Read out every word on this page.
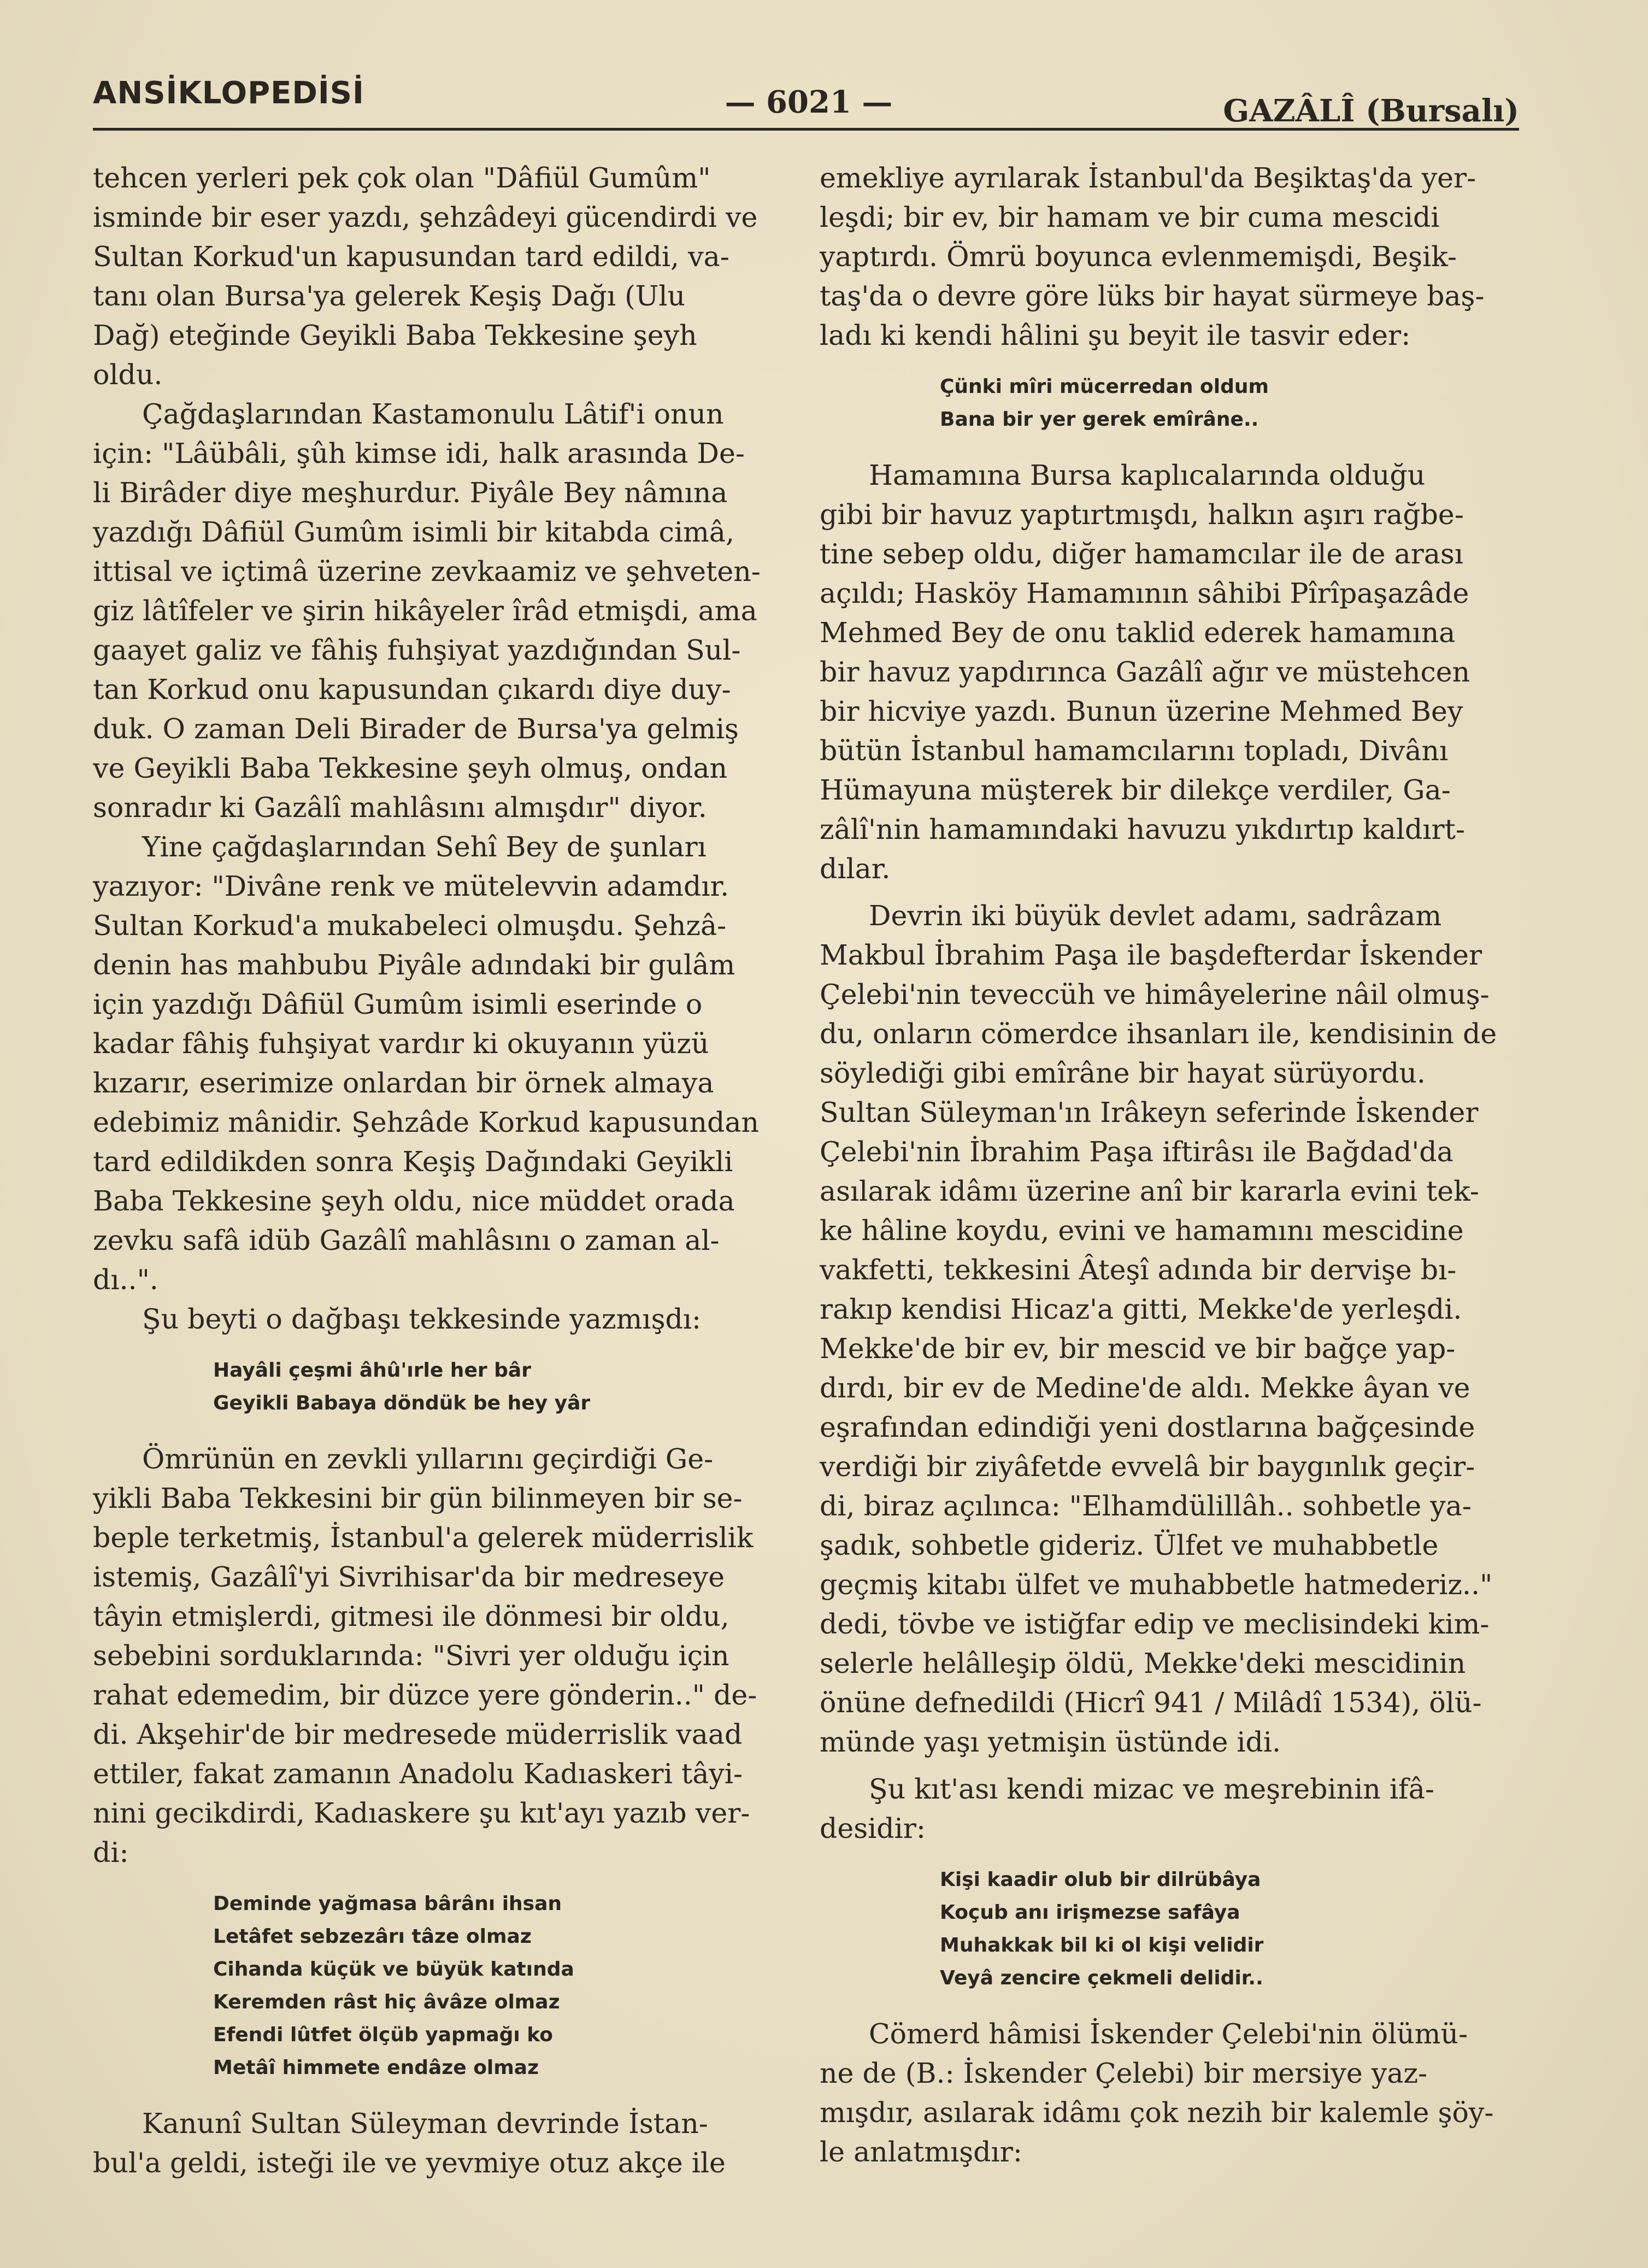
ANSİKLOPEDİSİ	— 6021 —	GAZÂLÎ (Bursalı)

tehcen yerleri pek çok olan "Dâfiül Gumûm"
isminde bir eser yazdı, şehzâdeyi gücendirdi ve
Sultan Korkud'un kapusundan tard edildi, va-
tanı olan Bursa'ya gelerek Keşiş Dağı (Ulu
Dağ) eteğinde Geyikli Baba Tekkesine şeyh
oldu.

Çağdaşlarından Kastamonulu Lâtif'i onun
için: "Lâübâli, şûh kimse idi, halk arasında De-
li Birâder diye meşhurdur. Piyâle Bey nâmına
yazdığı Dâfiül Gumûm isimli bir kitabda cimâ,
ittisal ve içtimâ üzerine zevkaamiz ve şehveten-
giz lâtîfeler ve şirin hikâyeler îrâd etmişdi, ama
gaayet galiz ve fâhiş fuhşiyat yazdığından Sul-
tan Korkud onu kapusundan çıkardı diye duy-
duk. O zaman Deli Birader de Bursa'ya gelmiş
ve Geyikli Baba Tekkesine şeyh olmuş, ondan
sonradır ki Gazâlî mahlâsını almışdır" diyor.

Yine çağdaşlarından Sehî Bey de şunları
yazıyor: "Divâne renk ve mütelevvin adamdır.
Sultan Korkud'a mukabeleci olmuşdu. Şehzâ-
denin has mahbubu Piyâle adındaki bir gulâm
için yazdığı Dâfiül Gumûm isimli eserinde o
kadar fâhiş fuhşiyat vardır ki okuyanın yüzü
kızarır, eserimize onlardan bir örnek almaya
edebimiz mânidir. Şehzâde Korkud kapusundan
tard edildikden sonra Keşiş Dağındaki Geyikli
Baba Tekkesine şeyh oldu, nice müddet orada
zevku safâ idüb Gazâlî mahlâsını o zaman al-
dı..".

Şu beyti o dağbaşı tekkesinde yazmışdı:

Hayâli çeşmi âhû'ırle her bâr
Geyikli Babaya döndük be hey yâr

Ömrünün en zevkli yıllarını geçirdiği Ge-
yikli Baba Tekkesini bir gün bilinmeyen bir se-
beple terketmiş, İstanbul'a gelerek müderrislik
istemiş, Gazâlî'yi Sivrihisar'da bir medreseye
tâyin etmişlerdi, gitmesi ile dönmesi bir oldu,
sebebini sorduklarında: "Sivri yer olduğu için
rahat edemedim, bir düzce yere gönderin.." de-
di. Akşehir'de bir medresede müderrislik vaad
ettiler, fakat zamanın Anadolu Kadıaskeri tâyi-
nini gecikdirdi, Kadıaskere şu kıt'ayı yazıb ver-
di:

Deminde yağmasa bârânı ihsan
Letâfet sebzezârı tâze olmaz
Cihanda küçük ve büyük katında
Keremden râst hiç âvâze olmaz
Efendi lûtfet ölçüb yapmağı ko
Metâî himmete endâze olmaz

Kanunî Sultan Süleyman devrinde İstan-
bul'a geldi, isteği ile ve yevmiye otuz akçe ile

emekliye ayrılarak İstanbul'da Beşiktaş'da yer-
leşdi; bir ev, bir hamam ve bir cuma mescidi
yaptırdı. Ömrü boyunca evlenmemişdi, Beşik-
taş'da o devre göre lüks bir hayat sürmeye baş-
ladı ki kendi hâlini şu beyit ile tasvir eder:

Çünki mîri mücerredan oldum
Bana bir yer gerek emîrâne..

Hamamına Bursa kaplıcalarında olduğu
gibi bir havuz yaptırtmışdı, halkın aşırı rağbe-
tine sebep oldu, diğer hamamcılar ile de arası
açıldı; Hasköy Hamamının sâhibi Pîrîpaşazâde
Mehmed Bey de onu taklid ederek hamamına
bir havuz yapdırınca Gazâlî ağır ve müstehcen
bir hicviye yazdı. Bunun üzerine Mehmed Bey
bütün İstanbul hamamcılarını topladı, Divânı
Hümayuna müşterek bir dilekçe verdiler, Ga-
zâlî'nin hamamındaki havuzu yıkdırtıp kaldırt-
dılar.

Devrin iki büyük devlet adamı, sadrâzam
Makbul İbrahim Paşa ile başdefterdar İskender
Çelebi'nin teveccüh ve himâyelerine nâil olmuş-
du, onların cömerdce ihsanları ile, kendisinin de
söylediği gibi emîrâne bir hayat sürüyordu.
Sultan Süleyman'ın Irâkeyn seferinde İskender
Çelebi'nin İbrahim Paşa iftirâsı ile Bağdad'da
asılarak idâmı üzerine anî bir kararla evini tek-
ke hâline koydu, evini ve hamamını mescidine
vakfetti, tekkesini Âteşî adında bir dervişe bı-
rakıp kendisi Hicaz'a gitti, Mekke'de yerleşdi.
Mekke'de bir ev, bir mescid ve bir bağçe yap-
dırdı, bir ev de Medine'de aldı. Mekke âyan ve
eşrafından edindiği yeni dostlarına bağçesinde
verdiği bir ziyâfetde evvelâ bir baygınlık geçir-
di, biraz açılınca: "Elhamdülillâh.. sohbetle ya-
şadık, sohbetle gideriz. Ülfet ve muhabbetle
geçmiş kitabı ülfet ve muhabbetle hatmederiz.."
dedi, tövbe ve istiğfar edip ve meclisindeki kim-
selerle helâlleşip öldü, Mekke'deki mescidinin
önüne defnedildi (Hicrî 941 / Milâdî 1534), ölü-
münde yaşı yetmişin üstünde idi.

Şu kıt'ası kendi mizac ve meşrebinin ifâ-
desidir:

Kişi kaadir olub bir dilrübâya
Koçub anı irişmezse safâya
Muhakkak bil ki ol kişi velidir
Veyâ zencire çekmeli delidir..

Cömerd hâmisi İskender Çelebi'nin ölümü-
ne de (B.: İskender Çelebi) bir mersiye yaz-
mışdır, asılarak idâmı çok nezih bir kalemle şöy-
le anlatmışdır:
